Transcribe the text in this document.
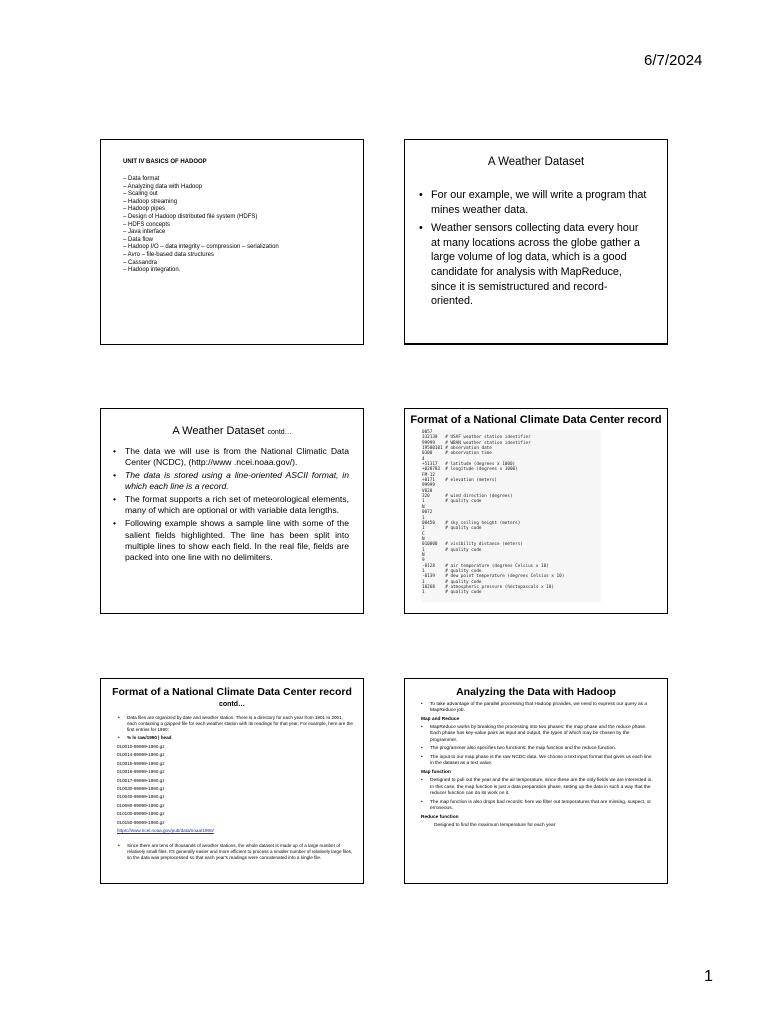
6/7/2024
UNIT IV BASICS OF HADOOP
– Data format
– Analyzing data with Hadoop
– Scaling out
– Hadoop streaming
– Hadoop pipes
– Design of Hadoop distributed file system (HDFS)
– HDFS concepts
– Java interface
– Data flow
– Hadoop I/O – data integrity – compression – serialization
– Avro – file-based data structures
– Cassandra
– Hadoop integration.
A Weather Dataset
• For our example, we will write a program that mines weather data.
• Weather sensors collecting data every hour at many locations across the globe gather a large volume of log data, which is a good candidate for analysis with MapReduce, since it is semistructured and record-oriented.
A Weather Dataset contd…
• The data we will use is from the National Climatic Data Center (NCDC), (http://www .ncei.noaa.gov/).
• The data is stored using a line-oriented ASCII format, in which each line is a record.
• The format supports a rich set of meteorological elements, many of which are optional or with variable data lengths.
• Following example shows a sample line with some of the salient fields highlighted. The line has been split into multiple lines to show each field. In the real file, fields are packed into one line with no delimiters.
Format of a National Climate Data Center record
0057
332130   # USAF weather station identifier
99999    # WBAN weather station identifier
19500101 # observation date
0300     # observation time
4
+51317   # latitude (degrees x 1000)
+028783  # longitude (degrees x 1000)
FM-12
+0171    # elevation (meters)
99999
V020
320      # wind direction (degrees)
1        # quality code
N
0072
1
00450    # sky ceiling height (meters)
1        # quality code
C
N
010000   # visibility distance (meters)
1        # quality code
N
9
-0128    # air temperature (degrees Celsius x 10)
1        # quality code
-0139    # dew point temperature (degrees Celsius x 10)
1        # quality code
10268    # atmospheric pressure (hectopascals x 10)
1        # quality code
Format of a National Climate Data Center record
contd…
• Data files are organized by date and weather station. There is a directory for each year from 1901 to 2001, each containing a gzipped file for each weather station with its readings for that year. For example, here are the first entries for 1990:
• % ls raw/1990 | head
010010-99999-1990.gz
010014-99999-1990.gz
010015-99999-1990.gz
010016-99999-1990.gz
010017-99999-1990.gz
010030-99999-1990.gz
010040-99999-1990.gz
010080-99999-1990.gz
010100-99999-1990.gz
010150-99999-1990.gz
https://www.ncei.noaa.gov/pub/data/noaa/1990/
• Since there are tens of thousands of weather stations, the whole dataset is made up of a large number of relatively small files. It's generally easier and more efficient to process a smaller number of relatively large files, so the data was preprocessed so that each year's readings were concatenated into a single file.
Analyzing the Data with Hadoop
• To take advantage of the parallel processing that Hadoop provides, we need to express our query as a MapReduce job.
Map and Reduce
• MapReduce works by breaking the processing into two phases: the map phase and the reduce phase. Each phase has key-value pairs as input and output, the types of which may be chosen by the programmer.
• The programmer also specifies two functions: the map function and the reduce function.
• The input to our map phase is the raw NCDC data. We choose a text input format that gives us each line in the dataset as a text value.
Map function
• Designed to pull out the year and the air temperature, since these are the only fields we are interested in. In this case, the map function is just a data preparation phase, setting up the data in such a way that the reducer function can do its work on it.
• The map function is also drops bad records: here we filter out temperatures that are missing, suspect, or erroneous.
Reduce function
Designed to find the maximum temperature for each year
1
